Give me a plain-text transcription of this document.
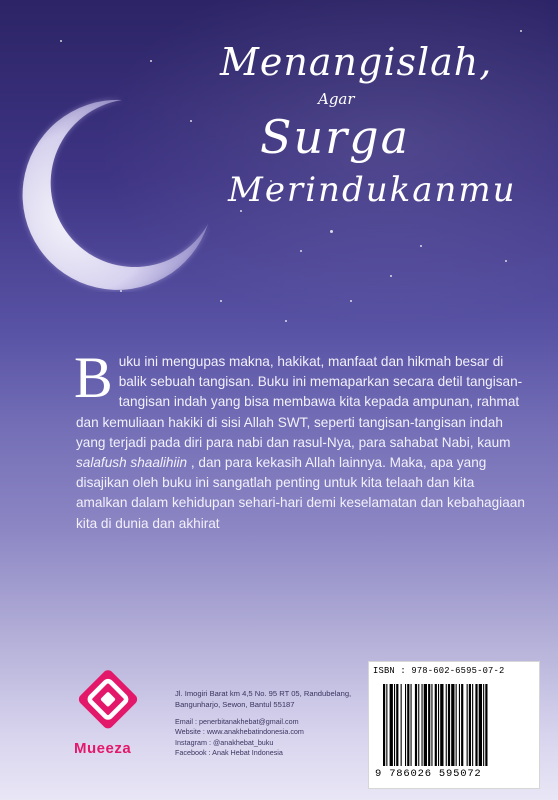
Menangislah,
Agar
Surga
Merindukanmu
Buku ini mengupas makna, hakikat, manfaat dan hikmah besar di balik sebuah tangisan. Buku ini memaparkan secara detil tangisan-tangisan indah yang bisa membawa kita kepada ampunan, rahmat dan kemuliaan hakiki di sisi Allah SWT, seperti tangisan-tangisan indah yang terjadi pada diri para nabi dan rasul-Nya, para sahabat Nabi, kaum salafush shaalihiin , dan para kekasih Allah lainnya. Maka, apa yang disajikan oleh buku ini sangatlah penting untuk kita telaah dan kita amalkan dalam kehidupan sehari-hari demi keselamatan dan kebahagiaan kita di dunia dan akhirat
Mueeza
Jl. Imogiri Barat km 4,5 No. 95 RT 05, Randubelang,
Bangunharjo, Sewon, Bantul 55187
Email : penerbitanakhebat@gmail.com
Website : www.anakhebatindonesia.com
Instagram : @anakhebat_buku
Facebook : Anak Hebat Indonesia
ISBN : 978-602-6595-07-2
9 786026 595072
